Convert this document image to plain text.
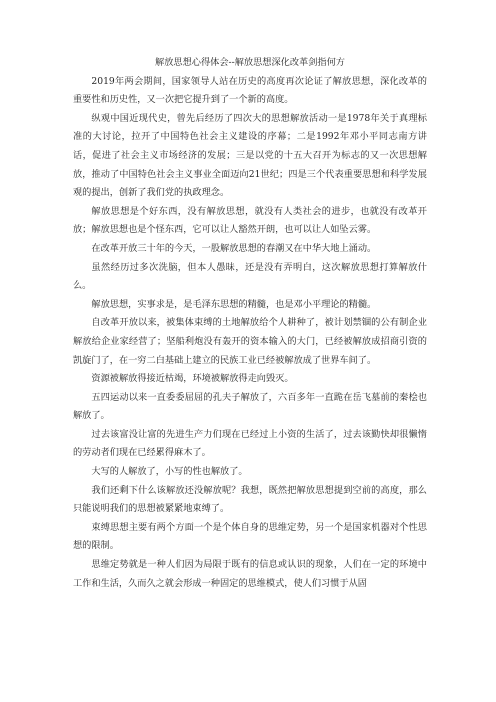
解放思想心得体会--解放思想深化改革剑指何方

2019年两会期间，国家领导人站在历史的高度再次论证了解放思想，深化改革的重要性和历史性，又一次把它提升到了一个新的高度。

纵观中国近现代史，曾先后经历了四次大的思想解放活动一是1978年关于真理标准的大讨论，拉开了中国特色社会主义建设的序幕；二是1992年邓小平同志南方讲话，促进了社会主义市场经济的发展；三是以党的十五大召开为标志的又一次思想解放，推动了中国特色社会主义事业全面迈向21世纪；四是三个代表重要思想和科学发展观的提出，创新了我们党的执政理念。

解放思想是个好东西，没有解放思想，就没有人类社会的进步，也就没有改革开放；解放思想也是个怪东西，它可以让人豁然开朗，也可以让人如坠云雾。

在改革开放三十年的今天，一股解放思想的春潮又在中华大地上涌动。

虽然经历过多次洗脑，但本人愚昧，还是没有弄明白，这次解放思想打算解放什么。

解放思想，实事求是，是毛泽东思想的精髓，也是邓小平理论的精髓。

自改革开放以来，被集体束缚的土地解放给个人耕种了，被计划禁锢的公有制企业解放给企业家经营了；坚船利炮没有轰开的资本输入的大门，已经被解放成招商引资的凯旋门了，在一穷二白基础上建立的民族工业已经被解放成了世界车间了。

资源被解放得接近枯竭，环境被解放得走向毁灭。

五四运动以来一直委委屈屈的孔夫子解放了，六百多年一直跪在岳飞墓前的秦桧也解放了。

过去该富没让富的先进生产力们现在已经过上小资的生活了，过去该勤快却很懒惰的劳动者们现在已经累得麻木了。

大写的人解放了，小写的性也解放了。

我们还剩下什么该解放还没解放呢？我想，既然把解放思想提到空前的高度，那么只能说明我们的思想被紧紧地束缚了。

束缚思想主要有两个方面一个是个体自身的思维定势，另一个是国家机器对个性思想的限制。

思维定势就是一种人们因为局限于既有的信息或认识的现象，人们在一定的环境中工作和生活，久而久之就会形成一种固定的思维模式，使人们习惯于从固
